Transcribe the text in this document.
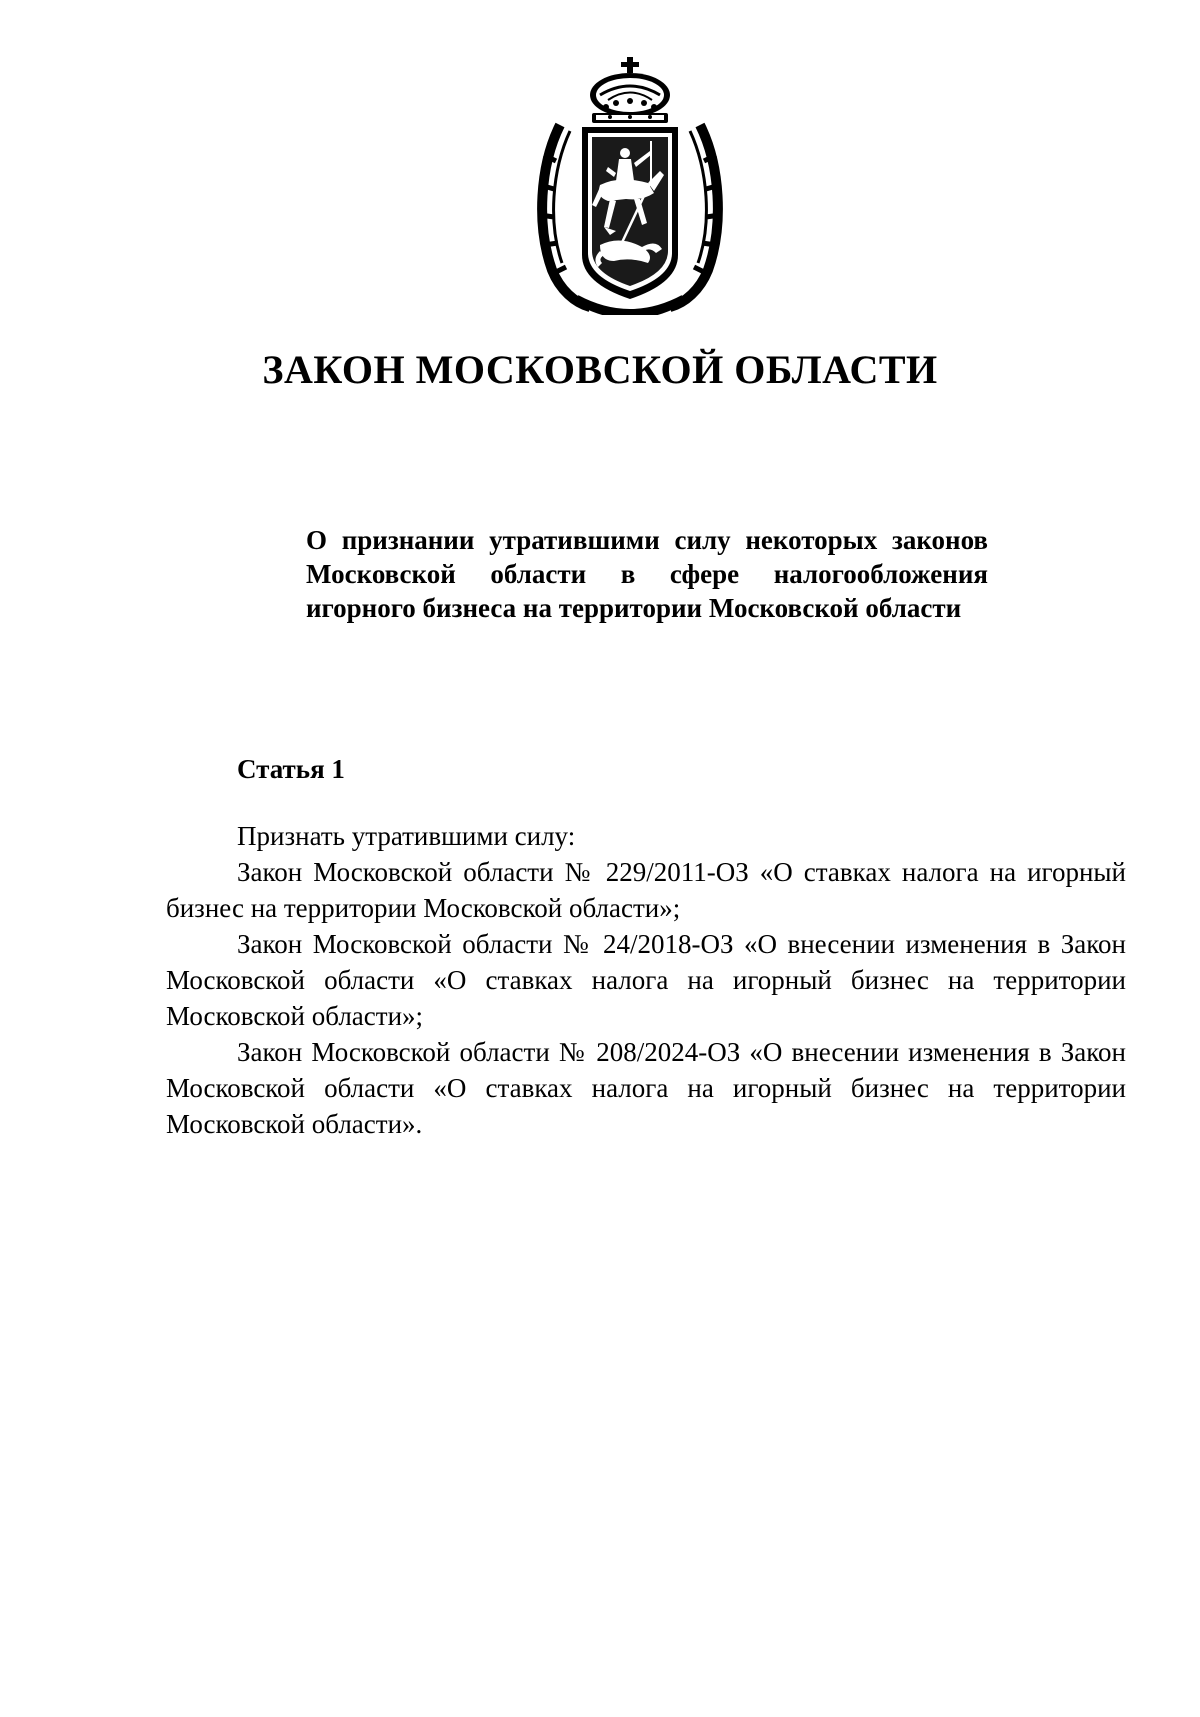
ЗАКОН МОСКОВСКОЙ ОБЛАСТИ

О признании утратившими силу некоторых законов Московской области в сфере налогообложения игорного бизнеса на территории Московской области

Статья 1

Признать утратившими силу:

Закон Московской области № 229/2011-ОЗ «О ставках налога на игорный бизнес на территории Московской области»;

Закон Московской области № 24/2018-ОЗ «О внесении изменения в Закон Московской области «О ставках налога на игорный бизнес на территории Московской области»;

Закон Московской области № 208/2024-ОЗ «О внесении изменения в Закон Московской области «О ставках налога на игорный бизнес на территории Московской области».
